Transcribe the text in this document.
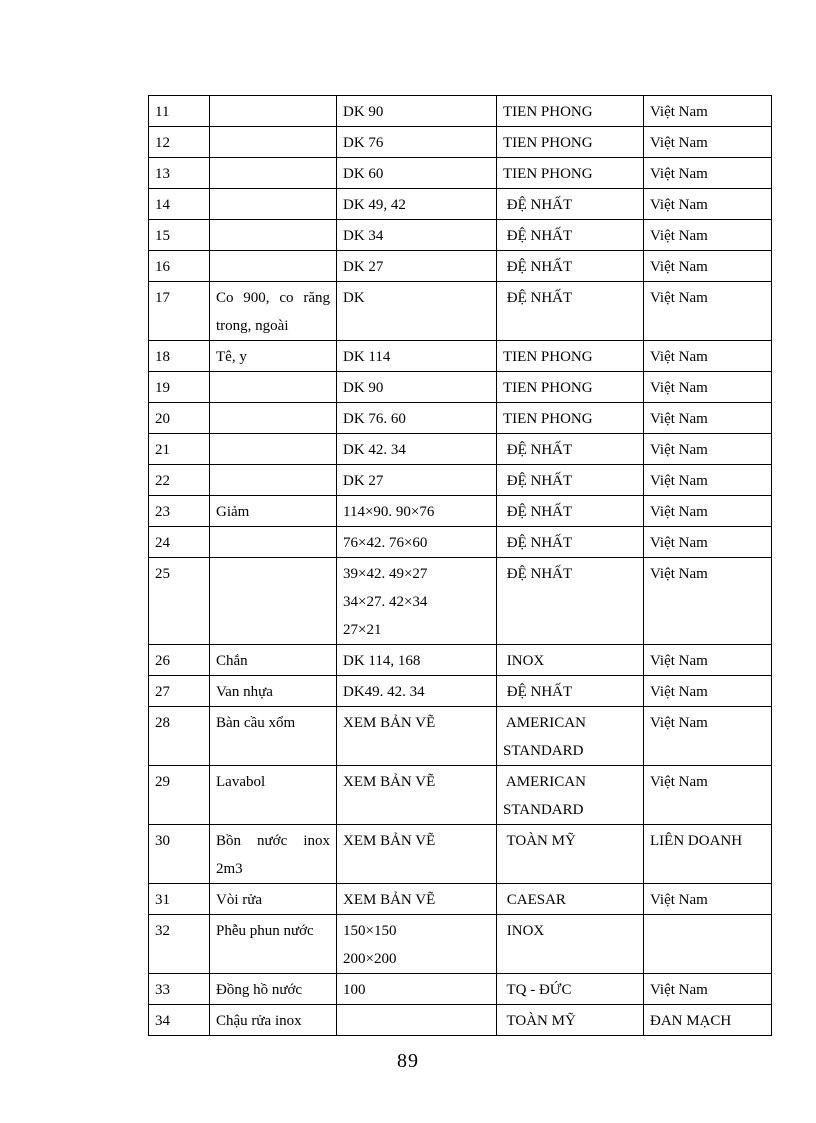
11		DK 90	TIEN PHONG	Việt Nam
12		DK 76	TIEN PHONG	Việt Nam
13		DK 60	TIEN PHONG	Việt Nam
14		DK 49, 42	ĐỆ NHẤT	Việt Nam
15		DK 34	ĐỆ NHẤT	Việt Nam
16		DK 27	ĐỆ NHẤT	Việt Nam
17	Co 900, co răng trong, ngoài	DK	ĐỆ NHẤT	Việt Nam
18	Tê, y	DK 114	TIEN PHONG	Việt Nam
19		DK 90	TIEN PHONG	Việt Nam
20		DK 76. 60	TIEN PHONG	Việt Nam
21		DK 42. 34	ĐỆ NHẤT	Việt Nam
22		DK 27	ĐỆ NHẤT	Việt Nam
23	Giảm	114×90. 90×76	ĐỆ NHẤT	Việt Nam
24		76×42. 76×60	ĐỆ NHẤT	Việt Nam
25		39×42. 49×27
34×27. 42×34
27×21	ĐỆ NHẤT	Việt Nam
26	Chắn	DK 114, 168	INOX	Việt Nam
27	Van nhựa	DK49. 42. 34	ĐỆ NHẤT	Việt Nam
28	Bàn cầu xổm	XEM BẢN VẼ	AMERICAN
STANDARD	Việt Nam
29	Lavabol	XEM BẢN VẼ	AMERICAN
STANDARD	Việt Nam
30	Bồn nước inox 2m3	XEM BẢN VẼ	TOÀN MỸ	LIÊN DOANH
31	Vòi rửa	XEM BẢN VẼ	CAESAR	Việt Nam
32	Phễu phun nước	150×150
200×200	INOX	

33	Đồng hồ nước	100	TQ - ĐỨC	Việt Nam
34	Chậu rửa inox		TOÀN MỸ	ĐAN MẠCH
89
